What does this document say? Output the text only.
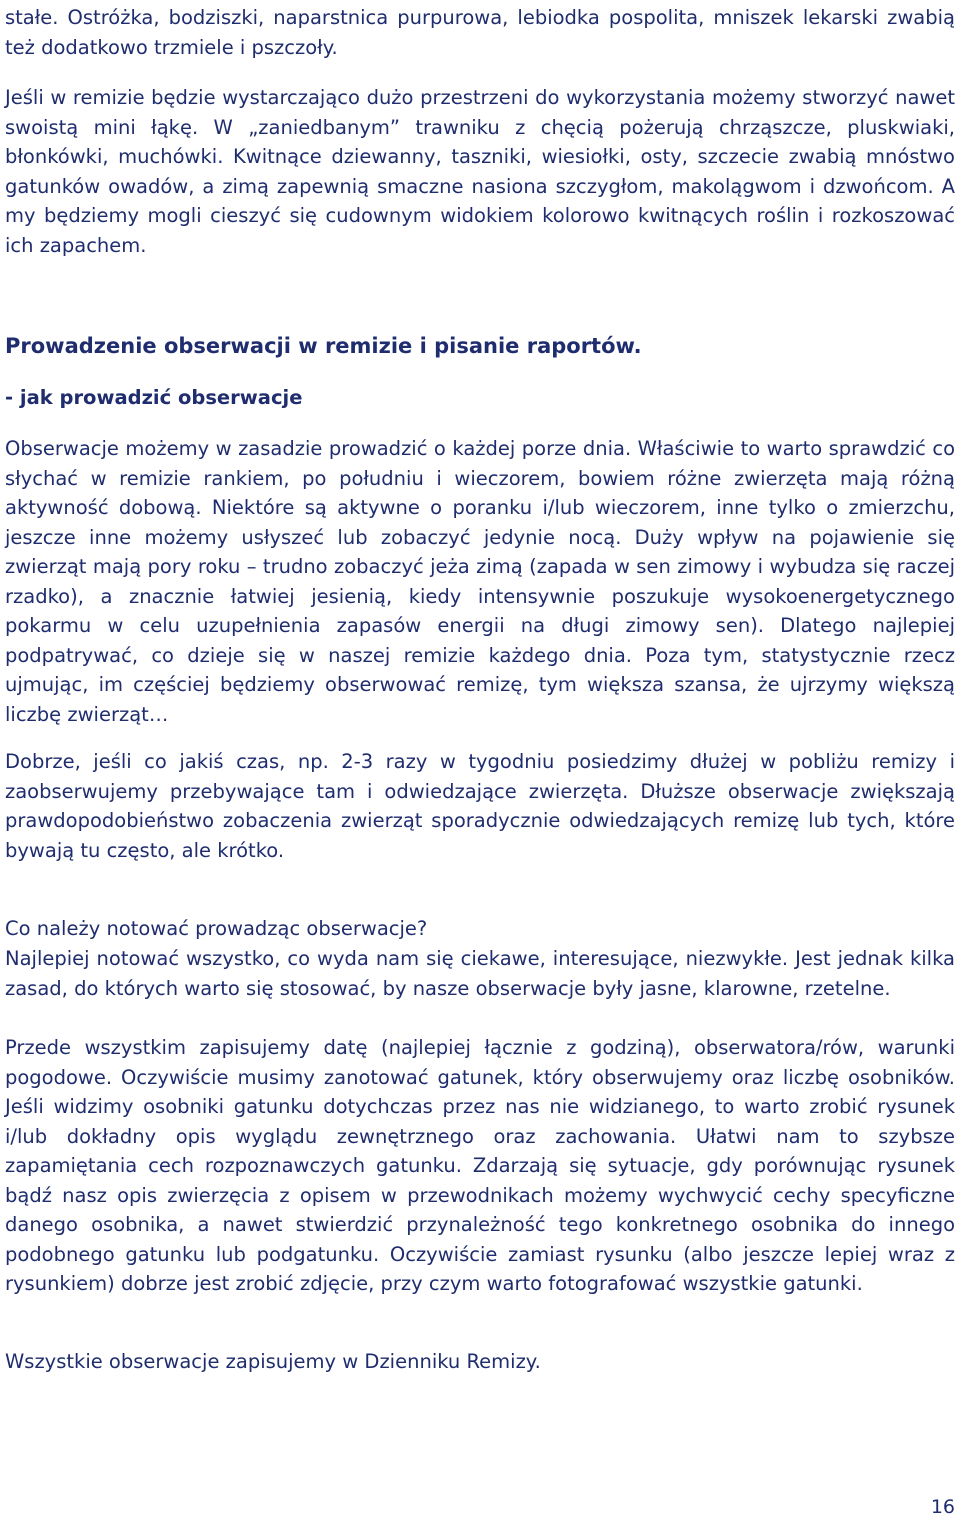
stałe. Ostróżka, bodziszki, naparstnica purpurowa, lebiodka pospolita, mniszek lekarski zwabią też dodatkowo trzmiele i pszczoły.

Jeśli w remizie będzie wystarczająco dużo przestrzeni do wykorzystania możemy stworzyć nawet swoistą mini łąkę. W „zaniedbanym” trawniku z chęcią pożerują chrząszcze, pluskwiaki, błonkówki, muchówki. Kwitnące dziewanny, taszniki, wiesiołki, osty, szczecie zwabią mnóstwo gatunków owadów, a zimą zapewnią smaczne nasiona szczygłom, makolągwom i dzwońcom. A my będziemy mogli cieszyć się cudownym widokiem kolorowo kwitnących roślin i rozkoszować ich zapachem.

Prowadzenie obserwacji w remizie i pisanie raportów.
- jak prowadzić obserwacje

Obserwacje możemy w zasadzie prowadzić o każdej porze dnia. Właściwie to warto sprawdzić co słychać w remizie rankiem, po południu i wieczorem, bowiem różne zwierzęta mają różną aktywność dobową. Niektóre są aktywne o poranku i/lub wieczorem, inne tylko o zmierzchu, jeszcze inne możemy usłyszeć lub zobaczyć jedynie nocą. Duży wpływ na pojawienie się zwierząt mają pory roku – trudno zobaczyć jeża zimą (zapada w sen zimowy i wybudza się raczej rzadko), a znacznie łatwiej jesienią, kiedy intensywnie poszukuje wysokoenergetycznego pokarmu w celu uzupełnienia zapasów energii na długi zimowy sen). Dlatego najlepiej podpatrywać, co dzieje się w naszej remizie każdego dnia. Poza tym, statystycznie rzecz ujmując, im częściej będziemy obserwować remizę, tym większa szansa, że ujrzymy większą liczbę zwierząt…

Dobrze, jeśli co jakiś czas, np. 2-3 razy w tygodniu posiedzimy dłużej w pobliżu remizy i zaobserwujemy przebywające tam i odwiedzające zwierzęta. Dłuższe obserwacje zwiększają prawdopodobieństwo zobaczenia zwierząt sporadycznie odwiedzających remizę lub tych, które bywają tu często, ale krótko.

Co należy notować prowadząc obserwacje?

Najlepiej notować wszystko, co wyda nam się ciekawe, interesujące, niezwykłe. Jest jednak kilka zasad, do których warto się stosować, by nasze obserwacje były jasne, klarowne, rzetelne.

Przede wszystkim zapisujemy datę (najlepiej łącznie z godziną), obserwatora/rów, warunki pogodowe. Oczywiście musimy zanotować gatunek, który obserwujemy oraz liczbę osobników. Jeśli widzimy osobniki gatunku dotychczas przez nas nie widzianego, to warto zrobić rysunek i/lub dokładny opis wyglądu zewnętrznego oraz zachowania. Ułatwi nam to szybsze zapamiętania cech rozpoznawczych gatunku. Zdarzają się sytuacje, gdy porównując rysunek bądź nasz opis zwierzęcia z opisem w przewodnikach możemy wychwycić cechy specyficzne danego osobnika, a nawet stwierdzić przynależność tego konkretnego osobnika do innego podobnego gatunku lub podgatunku. Oczywiście zamiast rysunku (albo jeszcze lepiej wraz z rysunkiem) dobrze jest zrobić zdjęcie, przy czym warto fotografować wszystkie gatunki.

Wszystkie obserwacje zapisujemy w Dzienniku Remizy.

16
